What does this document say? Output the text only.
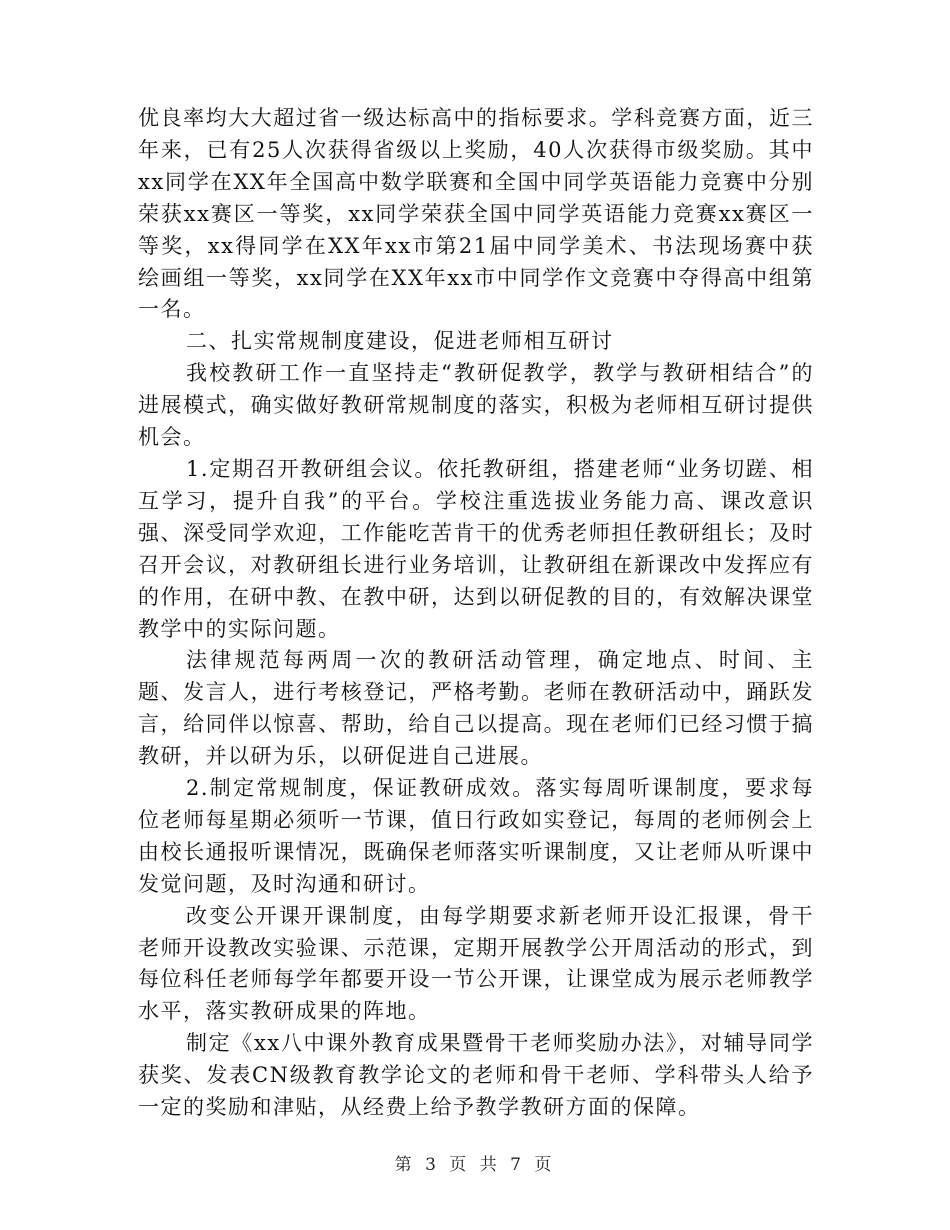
优良率均大大超过省一级达标高中的指标要求。学科竞赛方面，近三年来，已有25人次获得省级以上奖励，40人次获得市级奖励。其中xx同学在XX年全国高中数学联赛和全国中同学英语能力竞赛中分别荣获xx赛区一等奖，xx同学荣获全国中同学英语能力竞赛xx赛区一等奖，xx得同学在XX年xx市第21届中同学美术、书法现场赛中获绘画组一等奖，xx同学在XX年xx市中同学作文竞赛中夺得高中组第一名。

二、扎实常规制度建设，促进老师相互研讨

我校教研工作一直坚持走“教研促教学，教学与教研相结合”的进展模式，确实做好教研常规制度的落实，积极为老师相互研讨提供机会。

1.定期召开教研组会议。依托教研组，搭建老师“业务切蹉、相互学习，提升自我”的平台。学校注重选拔业务能力高、课改意识强、深受同学欢迎，工作能吃苦肯干的优秀老师担任教研组长；及时召开会议，对教研组长进行业务培训，让教研组在新课改中发挥应有的作用，在研中教、在教中研，达到以研促教的目的，有效解决课堂教学中的实际问题。

法律规范每两周一次的教研活动管理，确定地点、时间、主题、发言人，进行考核登记，严格考勤。老师在教研活动中，踊跃发言，给同伴以惊喜、帮助，给自己以提高。现在老师们已经习惯于搞教研，并以研为乐，以研促进自己进展。

2.制定常规制度，保证教研成效。落实每周听课制度，要求每位老师每星期必须听一节课，值日行政如实登记，每周的老师例会上由校长通报听课情况，既确保老师落实听课制度，又让老师从听课中发觉问题，及时沟通和研讨。

改变公开课开课制度，由每学期要求新老师开设汇报课，骨干老师开设教改实验课、示范课，定期开展教学公开周活动的形式，到每位科任老师每学年都要开设一节公开课，让课堂成为展示老师教学水平，落实教研成果的阵地。

制定《xx八中课外教育成果暨骨干老师奖励办法》，对辅导同学获奖、发表CN级教育教学论文的老师和骨干老师、学科带头人给予一定的奖励和津贴，从经费上给予教学教研方面的保障。

第 3 页 共 7 页
